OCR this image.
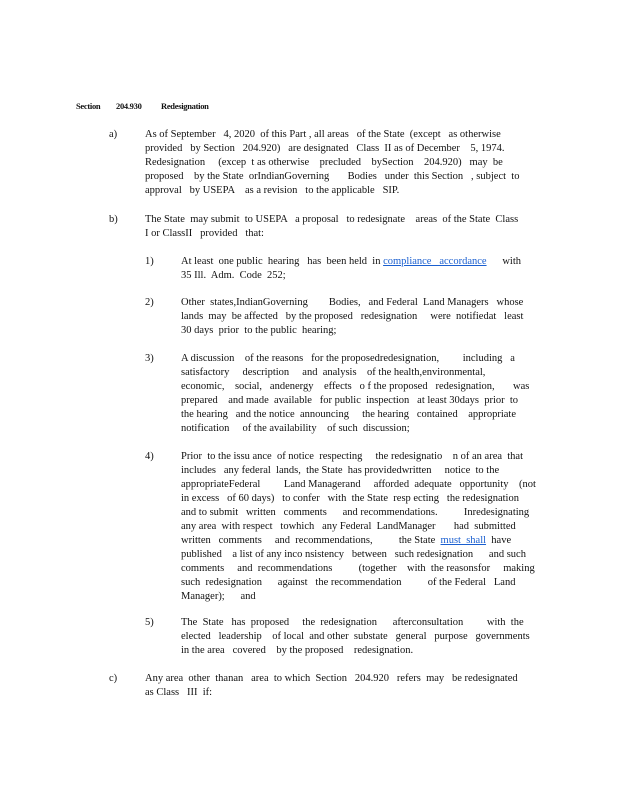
Section 204.930 Redesignation
a)	As of September   4, 2020  of this Part , all areas   of the State  (except   as otherwise
provided   by Section   204.920)   are designated   Class  II as of December    5, 1974.
Redesignation     (excep  t as otherwise    precluded    bySection    204.920)   may  be
proposed    by the State  orIndianGoverning       Bodies   under  this Section   , subject  to
approval   by USEPA    as a revision   to the applicable   SIP.
b)	The State  may submit  to USEPA   a proposal   to redesignate    areas  of the State  Class
I or ClassII   provided   that:
1)	At least  one public  hearing   has  been held  in compliance   accordance      with
35 Ill.  Adm.  Code  252;
2)	Other  states,IndianGoverning        Bodies,   and Federal  Land Managers   whose
lands  may  be affected   by the proposed   redesignation     were  notifiedat   least
30 days  prior  to the public  hearing;
3)	A discussion    of the reasons   for the proposedredesignation,         including   a
satisfactory     description     and  analysis    of the health,environmental,
economic,    social,   andenergy    effects   o f the proposed   redesignation,       was
prepared    and made  available   for public  inspection   at least 30days  prior  to
the hearing   and the notice  announcing     the hearing   contained    appropriate
notification     of the availability    of such  discussion;
4)	Prior  to the issu ance  of notice  respecting     the redesignatio    n of an area  that
includes   any federal  lands,  the State  has providedwritten     notice  to the
appropriateFederal         Land Managerand     afforded  adequate   opportunity    (not
in excess   of 60 days)   to confer   with  the State  resp ecting   the redesignation
and to submit   written   comments      and recommendations.          Inredesignating
any area  with respect   towhich   any Federal  LandManager       had  submitted
written   comments     and  recommendations,          the State  must  shall  have
published    a list of any inco nsistency   between   such redesignation      and such
comments     and  recommendations          (together    with  the reasonsfor     making
such  redesignation      against   the recommendation          of the Federal   Land
Manager);      and
5)	The  State   has  proposed     the  redesignation      afterconsultation         with  the
elected   leadership    of local  and other  substate   general   purpose   governments
in the area   covered    by the proposed    redesignation.
c)	Any area  other  thanan   area  to which  Section   204.920   refers  may   be redesignated
as Class   III  if:
